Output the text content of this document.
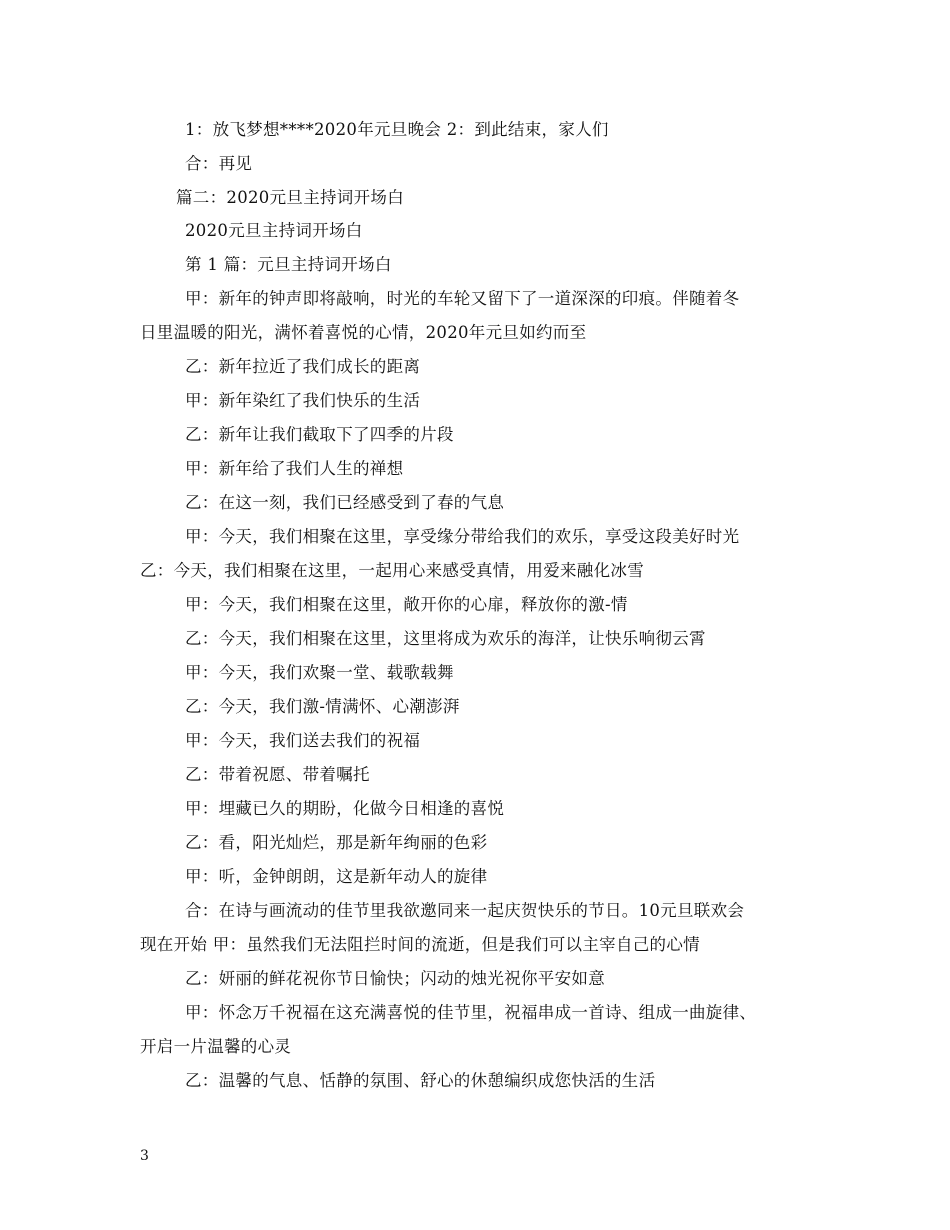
1：放飞梦想****2020年元旦晚会 2：到此结束，家人们
合：再见
篇二：2020元旦主持词开场白
2020元旦主持词开场白
第 1 篇：元旦主持词开场白
甲：新年的钟声即将敲响，时光的车轮又留下了一道深深的印痕。伴随着冬
日里温暖的阳光，满怀着喜悦的心情，2020年元旦如约而至
乙：新年拉近了我们成长的距离
甲：新年染红了我们快乐的生活
乙：新年让我们截取下了四季的片段
甲：新年给了我们人生的禅想
乙：在这一刻，我们已经感受到了春的气息
甲：今天，我们相聚在这里，享受缘分带给我们的欢乐，享受这段美好时光
乙：今天，我们相聚在这里，一起用心来感受真情，用爱来融化冰雪
甲：今天，我们相聚在这里，敞开你的心扉，释放你的激-情
乙：今天，我们相聚在这里，这里将成为欢乐的海洋，让快乐响彻云霄
甲：今天，我们欢聚一堂、载歌载舞
乙：今天，我们激-情满怀、心潮澎湃
甲：今天，我们送去我们的祝福
乙：带着祝愿、带着嘱托
甲：埋藏已久的期盼，化做今日相逢的喜悦
乙：看，阳光灿烂，那是新年绚丽的色彩
甲：听，金钟朗朗，这是新年动人的旋律
合：在诗与画流动的佳节里我欲邀同来一起庆贺快乐的节日。10元旦联欢会
现在开始 甲：虽然我们无法阻拦时间的流逝，但是我们可以主宰自己的心情
乙：妍丽的鲜花祝你节日愉快；闪动的烛光祝你平安如意
甲：怀念万千祝福在这充满喜悦的佳节里，祝福串成一首诗、组成一曲旋律、
开启一片温馨的心灵
乙：温馨的气息、恬静的氛围、舒心的休憩编织成您快活的生活
3
